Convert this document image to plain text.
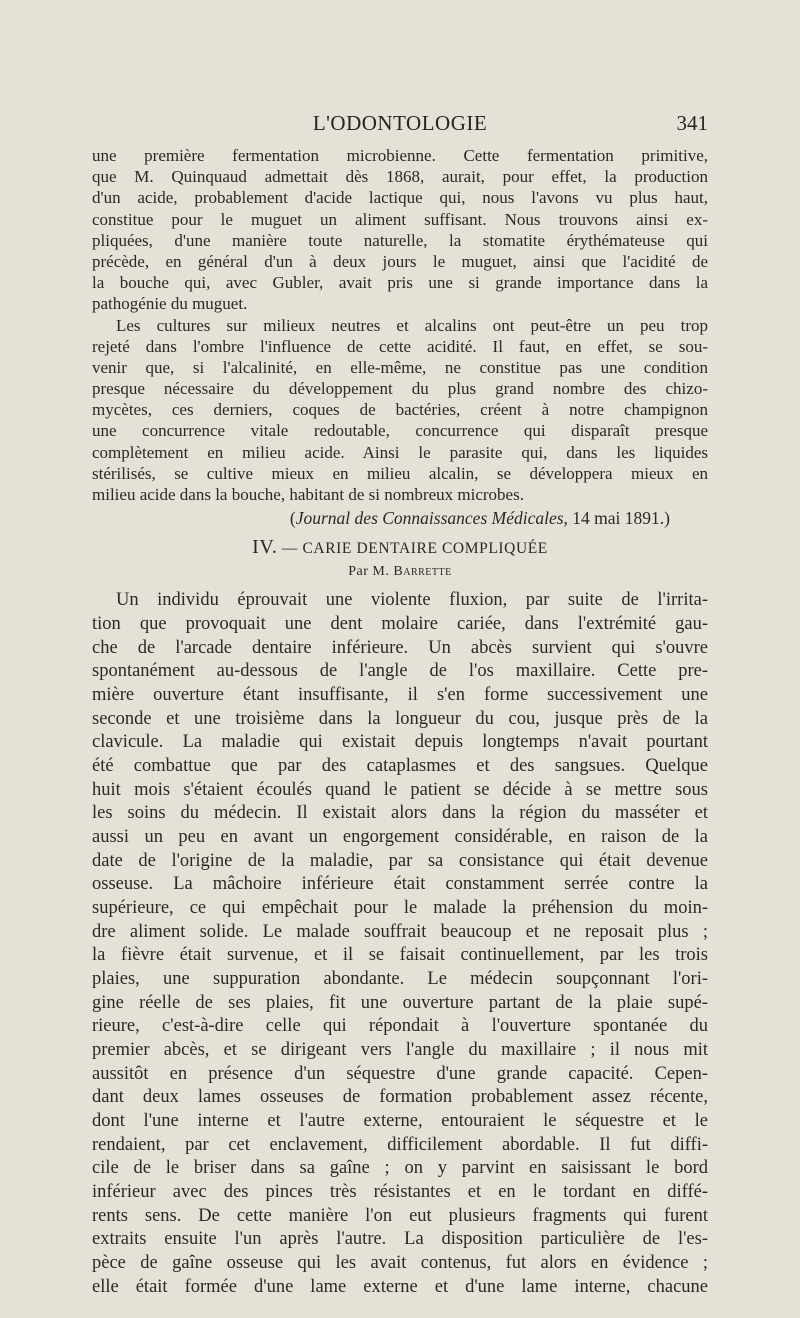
L'ODONTOLOGIE	341
une première fermentation microbienne. Cette fermentation primitive,
que M. Quinquaud admettait dès 1868, aurait, pour effet, la production
d'un acide, probablement d'acide lactique qui, nous l'avons vu plus haut,
constitue pour le muguet un aliment suffisant. Nous trouvons ainsi ex-
pliquées, d'une manière toute naturelle, la stomatite érythémateuse qui
précède, en général d'un à deux jours le muguet, ainsi que l'acidité de
la bouche qui, avec Gubler, avait pris une si grande importance dans la
pathogénie du muguet.
Les cultures sur milieux neutres et alcalins ont peut-être un peu trop
rejeté dans l'ombre l'influence de cette acidité. Il faut, en effet, se sou-
venir que, si l'alcalinité, en elle-même, ne constitue pas une condition
presque nécessaire du développement du plus grand nombre des chizo-
mycètes, ces derniers, coques de bactéries, créent à notre champignon
une concurrence vitale redoutable, concurrence qui disparaît presque
complètement en milieu acide. Ainsi le parasite qui, dans les liquides
stérilisés, se cultive mieux en milieu alcalin, se développera mieux en
milieu acide dans la bouche, habitant de si nombreux microbes.
(Journal des Connaissances Médicales, 14 mai 1891.)
IV. — CARIE DENTAIRE COMPLIQUÉE
Par M. Barrette
Un individu éprouvait une violente fluxion, par suite de l'irrita-
tion que provoquait une dent molaire cariée, dans l'extrémité gau-
che de l'arcade dentaire inférieure. Un abcès survient qui s'ouvre
spontanément au-dessous de l'angle de l'os maxillaire. Cette pre-
mière ouverture étant insuffisante, il s'en forme successivement une
seconde et une troisième dans la longueur du cou, jusque près de la
clavicule. La maladie qui existait depuis longtemps n'avait pourtant
été combattue que par des cataplasmes et des sangsues. Quelque
huit mois s'étaient écoulés quand le patient se décide à se mettre sous
les soins du médecin. Il existait alors dans la région du masséter et
aussi un peu en avant un engorgement considérable, en raison de la
date de l'origine de la maladie, par sa consistance qui était devenue
osseuse. La mâchoire inférieure était constamment serrée contre la
supérieure, ce qui empêchait pour le malade la préhension du moin-
dre aliment solide. Le malade souffrait beaucoup et ne reposait plus ;
la fièvre était survenue, et il se faisait continuellement, par les trois
plaies, une suppuration abondante. Le médecin soupçonnant l'ori-
gine réelle de ses plaies, fit une ouverture partant de la plaie supé-
rieure, c'est-à-dire celle qui répondait à l'ouverture spontanée du
premier abcès, et se dirigeant vers l'angle du maxillaire ; il nous mit
aussitôt en présence d'un séquestre d'une grande capacité. Cepen-
dant deux lames osseuses de formation probablement assez récente,
dont l'une interne et l'autre externe, entouraient le séquestre et le
rendaient, par cet enclavement, difficilement abordable. Il fut diffi-
cile de le briser dans sa gaîne ; on y parvint en saisissant le bord
inférieur avec des pinces très résistantes et en le tordant en diffé-
rents sens. De cette manière l'on eut plusieurs fragments qui furent
extraits ensuite l'un après l'autre. La disposition particulière de l'es-
pèce de gaîne osseuse qui les avait contenus, fut alors en évidence ;
elle était formée d'une lame externe et d'une lame interne, chacune
